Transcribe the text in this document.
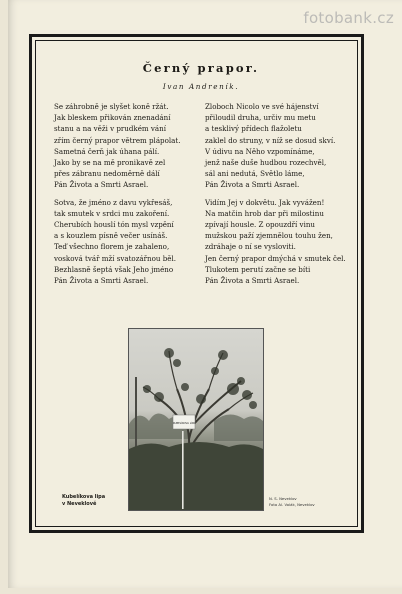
fotobank.cz
Černý prapor.
Ivan Andreník.
Se záhrobně je slyšet koně ržát.
Jak bleskem přikován znenadání
stanu a na věži v prudkém vání
zřím černý prapor větrem plápolat.
Sametná čerň jak úhana pálí.
Jako by se na mě pronikavě zel
přes zábranu nedoměrně dálí
Pán Života a Smrti Asrael.
Sotva, že jméno z davu vykřesáš,
tak smutek v srdci mu zakoření.
Cherubích houslí tón mysl vzpění
a s kouzlem písně večer usínáš.
Teď všechno florem je zahaleno,
vosková tvář mží svatozářnou běl.
Bezhlasně šeptá však Jeho jméno
Pán Života a Smrti Asrael.
Zloboch Nicolo ve své hájenství
přiloudil druha, určiv mu metu
a tesklivý přídech flažoletu
zaklel do struny, v níž se dosud skví.
V údivu na Něho vzpomínáme,
jenž naše duše hudbou rozechvěl,
sál ani nedutá, Světlo láme,
Pán Života a Smrti Asrael.
Vidím Jej v dokvětu. Jak vyvážen!
Na matčin hrob dar při milostinu
zpívají housle. Z opouzdří vinu
mužskou paží zjemnělou touhu žen,
zdráhaje o ní se vysloviti.
Jen černý prapor dmýchá v smutek čel.
Tlukotem perutí začne se bíti
Pán Života a Smrti Asrael.
KUBELÍKOVA LÍPA
Kubelíkova lipa
v Neveklově
N. S. Neveklov
Foto Al. Volák, Neveklov
